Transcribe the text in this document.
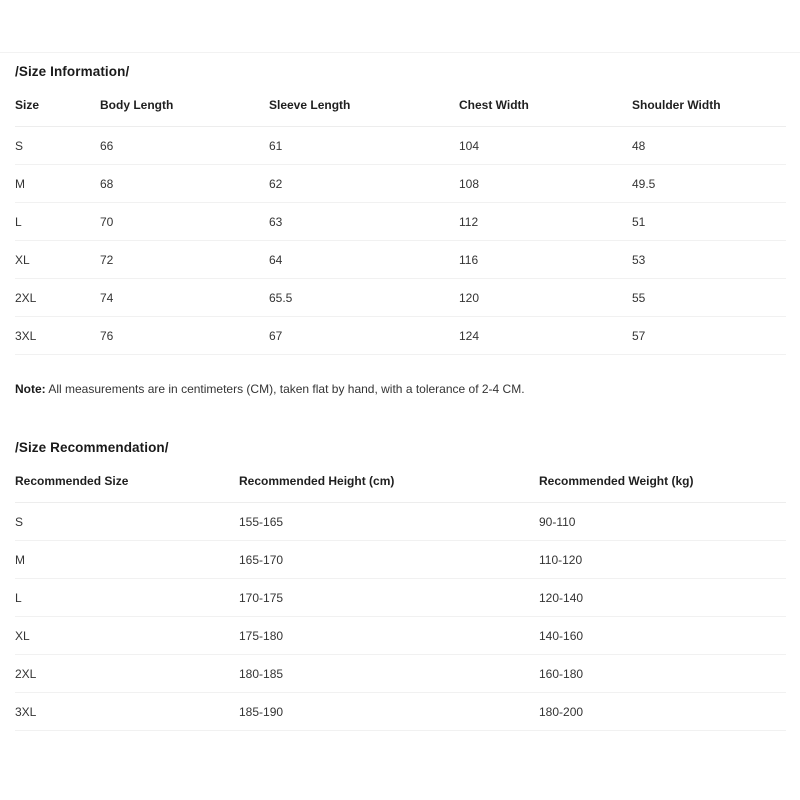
/Size Information/
Size	Body Length	Sleeve Length	Chest Width	Shoulder Width
S	66	61	104	48
M	68	62	108	49.5
L	70	63	112	51
XL	72	64	116	53
2XL	74	65.5	120	55
3XL	76	67	124	57
Note: All measurements are in centimeters (CM), taken flat by hand, with a tolerance of 2-4 CM.
/Size Recommendation/
Recommended Size	Recommended Height (cm)	Recommended Weight (kg)
S	155-165	90-110
M	165-170	110-120
L	170-175	120-140
XL	175-180	140-160
2XL	180-185	160-180
3XL	185-190	180-200
